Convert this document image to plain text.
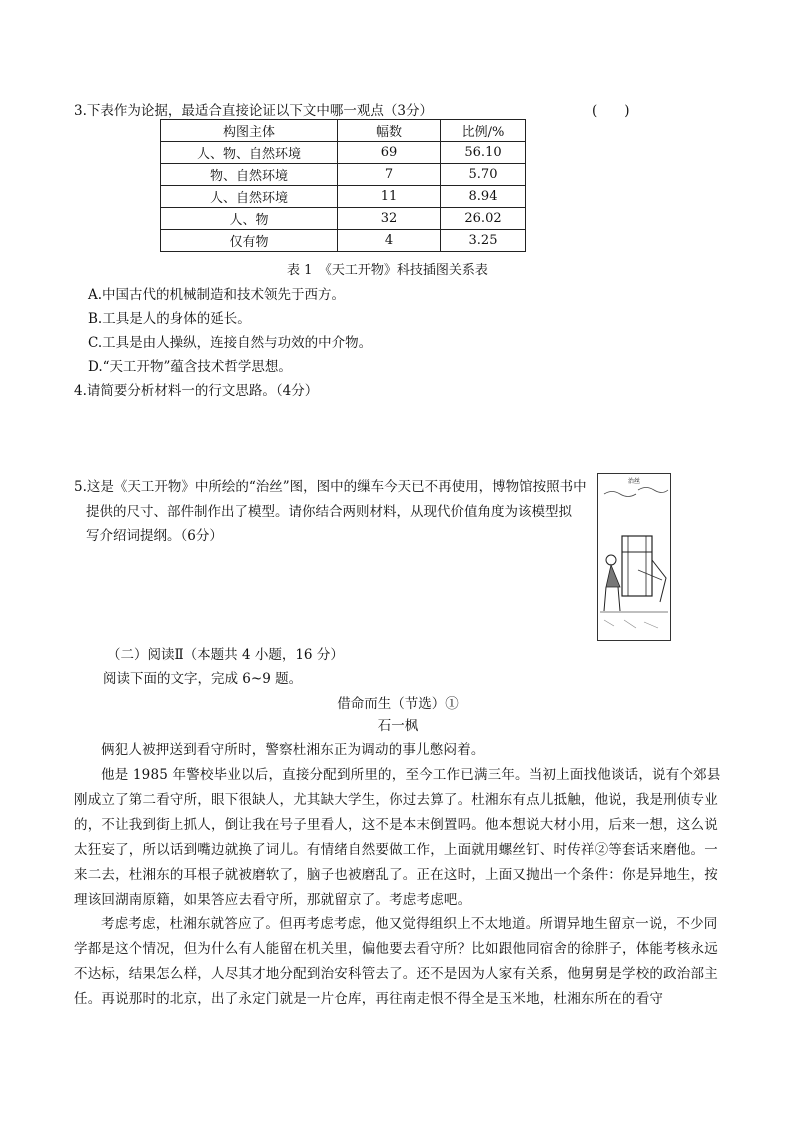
3.下表作为论据，最适合直接论证以下文中哪一观点（3分）	(　　)
构图主体	幅数	比例/%
人、物、自然环境	69	56.10
物、自然环境	7	5.70
人、自然环境	11	8.94
人、物	32	26.02
仅有物	4	3.25
表 1　《天工开物》科技插图关系表
A.中国古代的机械制造和技术领先于西方。
B.工具是人的身体的延长。
C.工具是由人操纵，连接自然与功效的中介物。
D.“天工开物”蕴含技术哲学思想。
4.请简要分析材料一的行文思路。（4分）
5.这是《天工开物》中所绘的“治丝”图，图中的缫车今天已不再使用，博物馆按照书中
提供的尺寸、部件制作出了模型。请你结合两则材料，从现代价值角度为该模型拟
写介绍词提纲。（6分）
治丝
（二）阅读Ⅱ（本题共 4 小题，16 分）
阅读下面的文字，完成 6~9 题。
借命而生（节选）①
石一枫
俩犯人被押送到看守所时，警察杜湘东正为调动的事儿憋闷着。
他是 1985 年警校毕业以后，直接分配到所里的，至今工作已满三年。当初上面找他谈话，说有个郊县刚成立了第二看守所，眼下很缺人，尤其缺大学生，你过去算了。杜湘东有点儿抵触，他说，我是刑侦专业的，不让我到街上抓人，倒让我在号子里看人，这不是本末倒置吗。他本想说大材小用，后来一想，这么说太狂妄了，所以话到嘴边就换了词儿。有情绪自然要做工作，上面就用螺丝钉、时传祥②等套话来磨他。一来二去，杜湘东的耳根子就被磨软了，脑子也被磨乱了。正在这时，上面又抛出一个条件：你是异地生，按理该回湖南原籍，如果答应去看守所，那就留京了。考虑考虑吧。
考虑考虑，杜湘东就答应了。但再考虑考虑，他又觉得组织上不太地道。所谓异地生留京一说，不少同学都是这个情况，但为什么有人能留在机关里，偏他要去看守所？比如跟他同宿舍的徐胖子，体能考核永远不达标，结果怎么样，人尽其才地分配到治安科管去了。还不是因为人家有关系，他舅舅是学校的政治部主任。再说那时的北京，出了永定门就是一片仓库，再往南走恨不得全是玉米地，杜湘东所在的看守
